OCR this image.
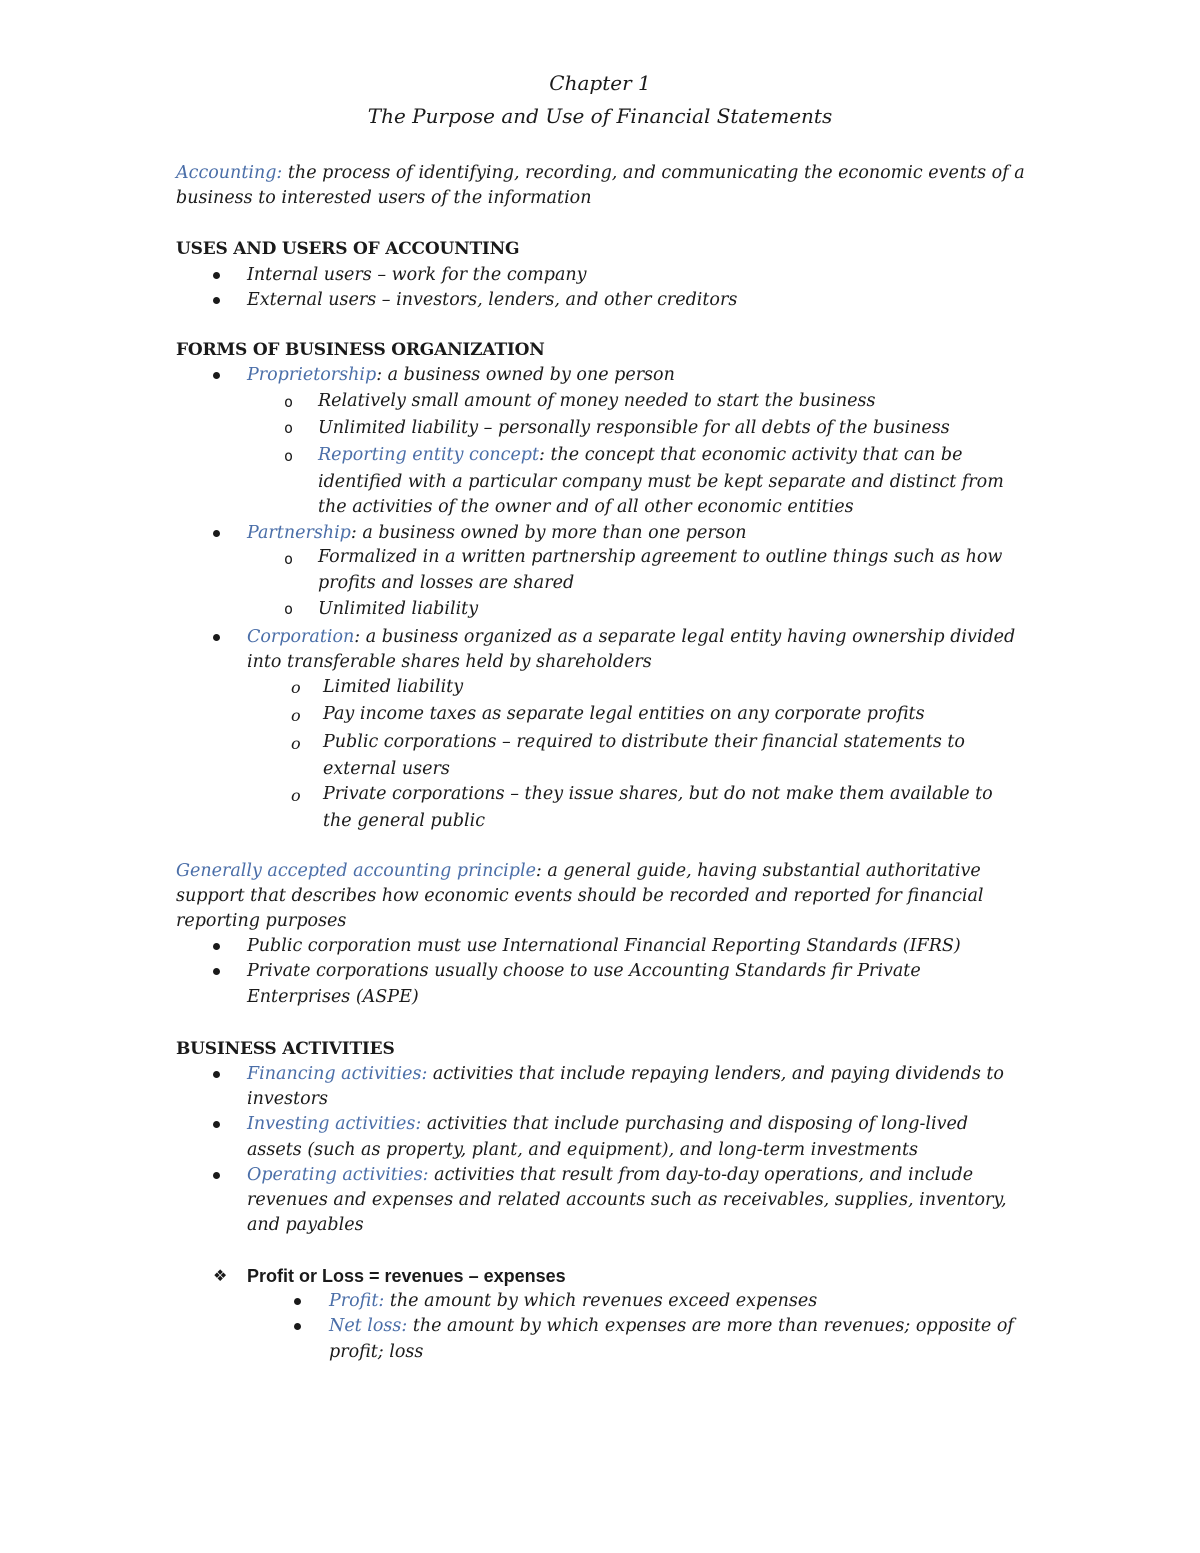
Chapter 1
The Purpose and Use of Financial Statements
Accounting: the process of identifying, recording, and communicating the economic events of a
business to interested users of the information
USES AND USERS OF ACCOUNTING
Internal users – work for the company
External users – investors, lenders, and other creditors
FORMS OF BUSINESS ORGANIZATION
Proprietorship: a business owned by one person
o Relatively small amount of money needed to start the business
o Unlimited liability – personally responsible for all debts of the business
o Reporting entity concept: the concept that economic activity that can be
identified with a particular company must be kept separate and distinct from
the activities of the owner and of all other economic entities
Partnership: a business owned by more than one person
o Formalized in a written partnership agreement to outline things such as how
profits and losses are shared
o Unlimited liability
Corporation: a business organized as a separate legal entity having ownership divided
into transferable shares held by shareholders
o Limited liability
o Pay income taxes as separate legal entities on any corporate profits
o Public corporations – required to distribute their financial statements to
external users
o Private corporations – they issue shares, but do not make them available to
the general public
Generally accepted accounting principle: a general guide, having substantial authoritative
support that describes how economic events should be recorded and reported for financial
reporting purposes
Public corporation must use International Financial Reporting Standards (IFRS)
Private corporations usually choose to use Accounting Standards fir Private
Enterprises (ASPE)
BUSINESS ACTIVITIES
Financing activities: activities that include repaying lenders, and paying dividends to
investors
Investing activities: activities that include purchasing and disposing of long-lived
assets (such as property, plant, and equipment), and long-term investments
Operating activities: activities that result from day-to-day operations, and include
revenues and expenses and related accounts such as receivables, supplies, inventory,
and payables
❖ Profit or Loss = revenues – expenses
Profit: the amount by which revenues exceed expenses
Net loss: the amount by which expenses are more than revenues; opposite of
profit; loss
